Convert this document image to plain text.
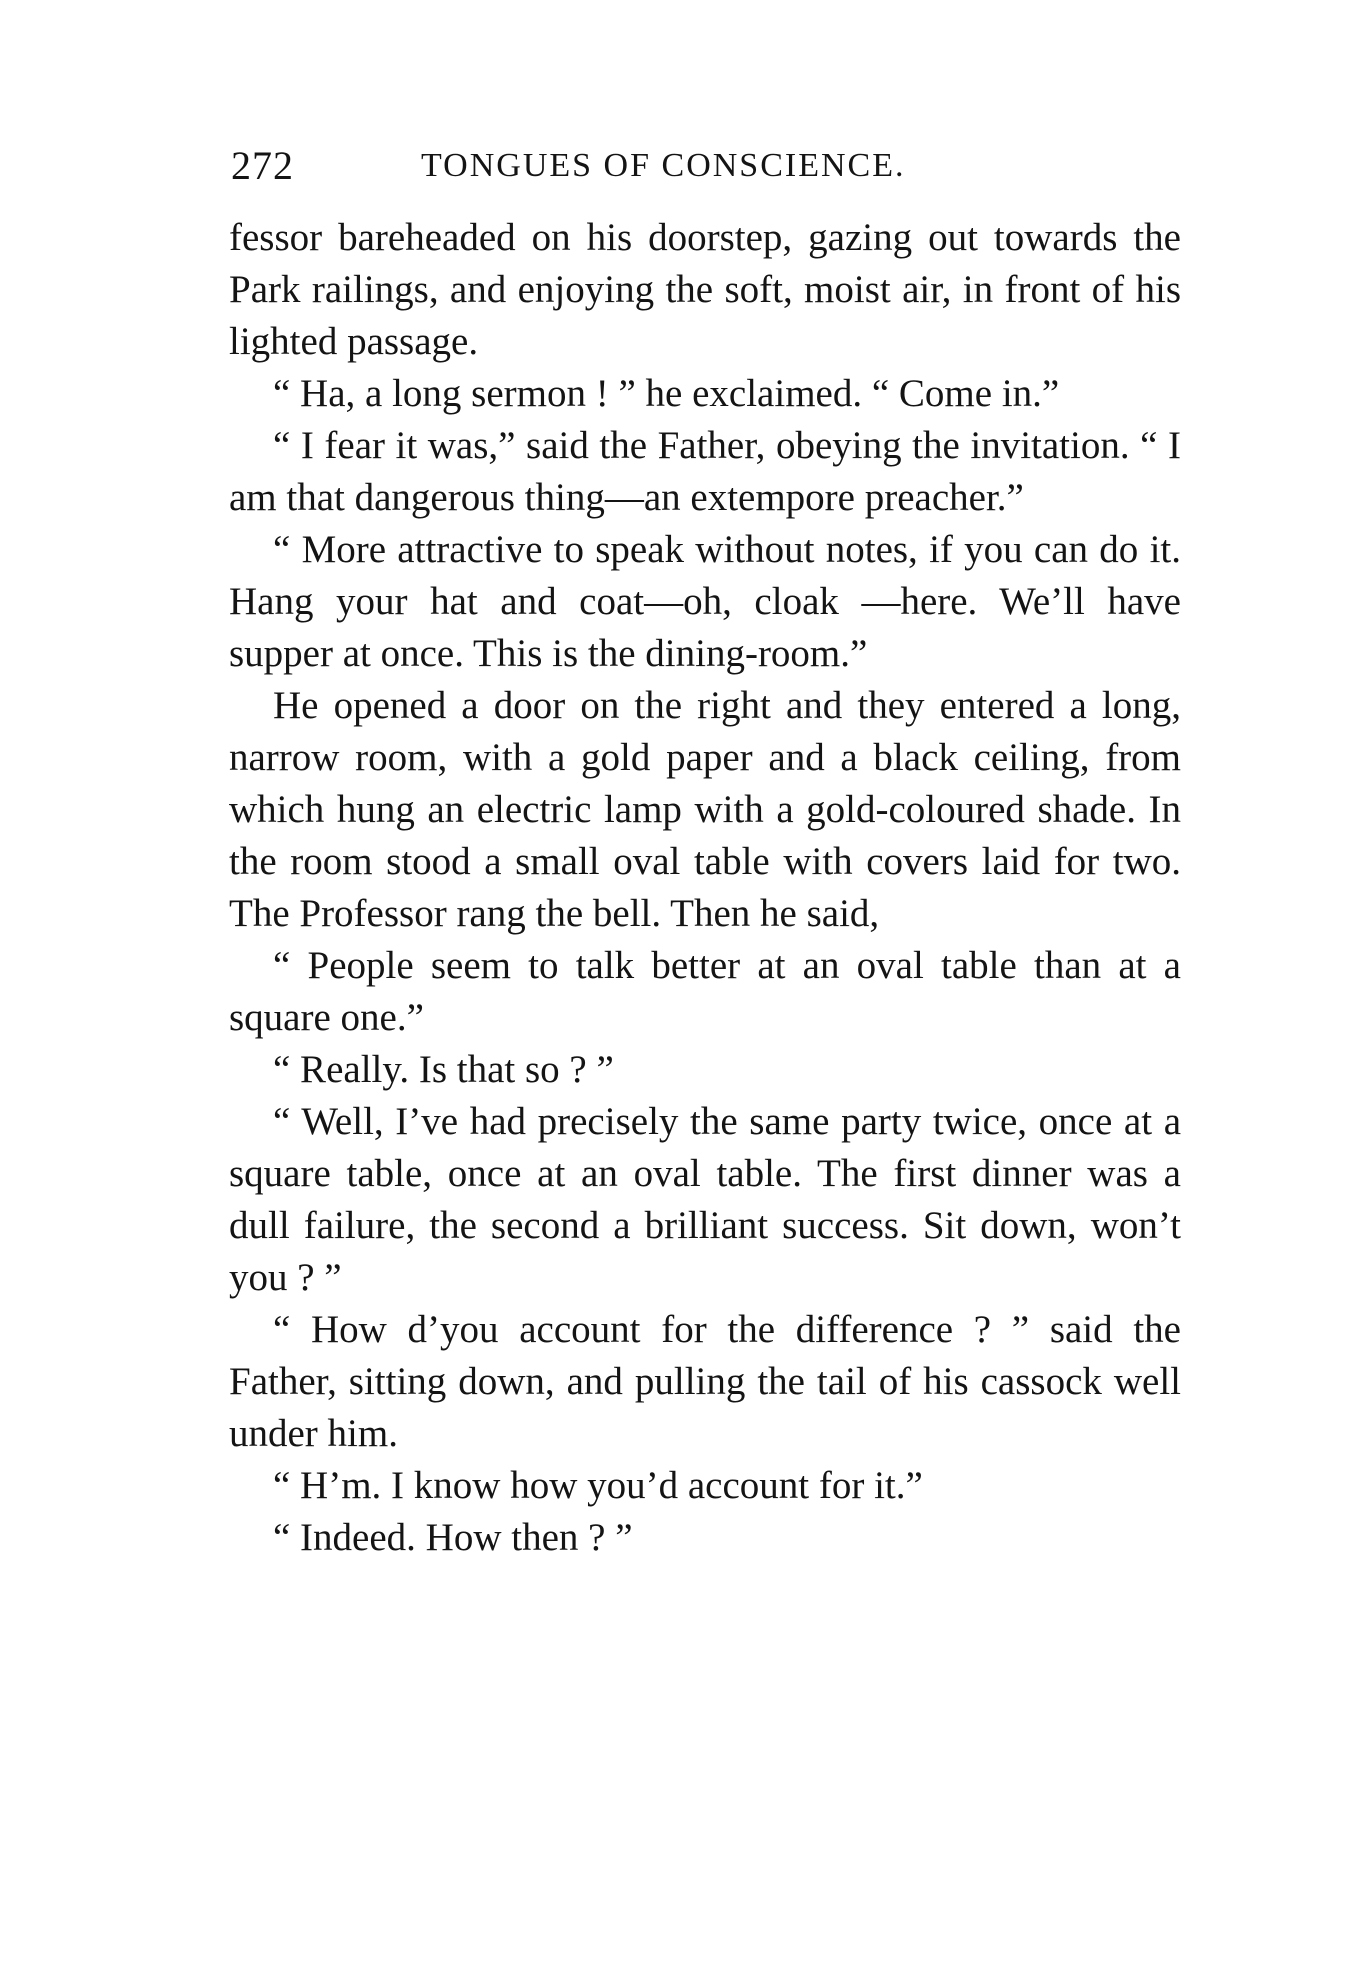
272	TONGUES OF CONSCIENCE.

fessor bareheaded on his doorstep, gazing out towards the Park railings, and enjoying the soft, moist air, in front of his lighted passage.

“ Ha, a long sermon ! ” he exclaimed. “ Come in.”

“ I fear it was,” said the Father, obeying the invitation. “ I am that dangerous thing—an extempore preacher.”

“ More attractive to speak without notes, if you can do it. Hang your hat and coat—oh, cloak —here. We’ll have supper at once. This is the dining-room.”

He opened a door on the right and they entered a long, narrow room, with a gold paper and a black ceiling, from which hung an electric lamp with a gold-coloured shade. In the room stood a small oval table with covers laid for two. The Professor rang the bell. Then he said,

“ People seem to talk better at an oval table than at a square one.”

“ Really. Is that so ? ”

“ Well, I’ve had precisely the same party twice, once at a square table, once at an oval table. The first dinner was a dull failure, the second a brilliant success. Sit down, won’t you ? ”

“ How d’you account for the difference ? ” said the Father, sitting down, and pulling the tail of his cassock well under him.

“ H’m. I know how you’d account for it.”

“ Indeed. How then ? ”
